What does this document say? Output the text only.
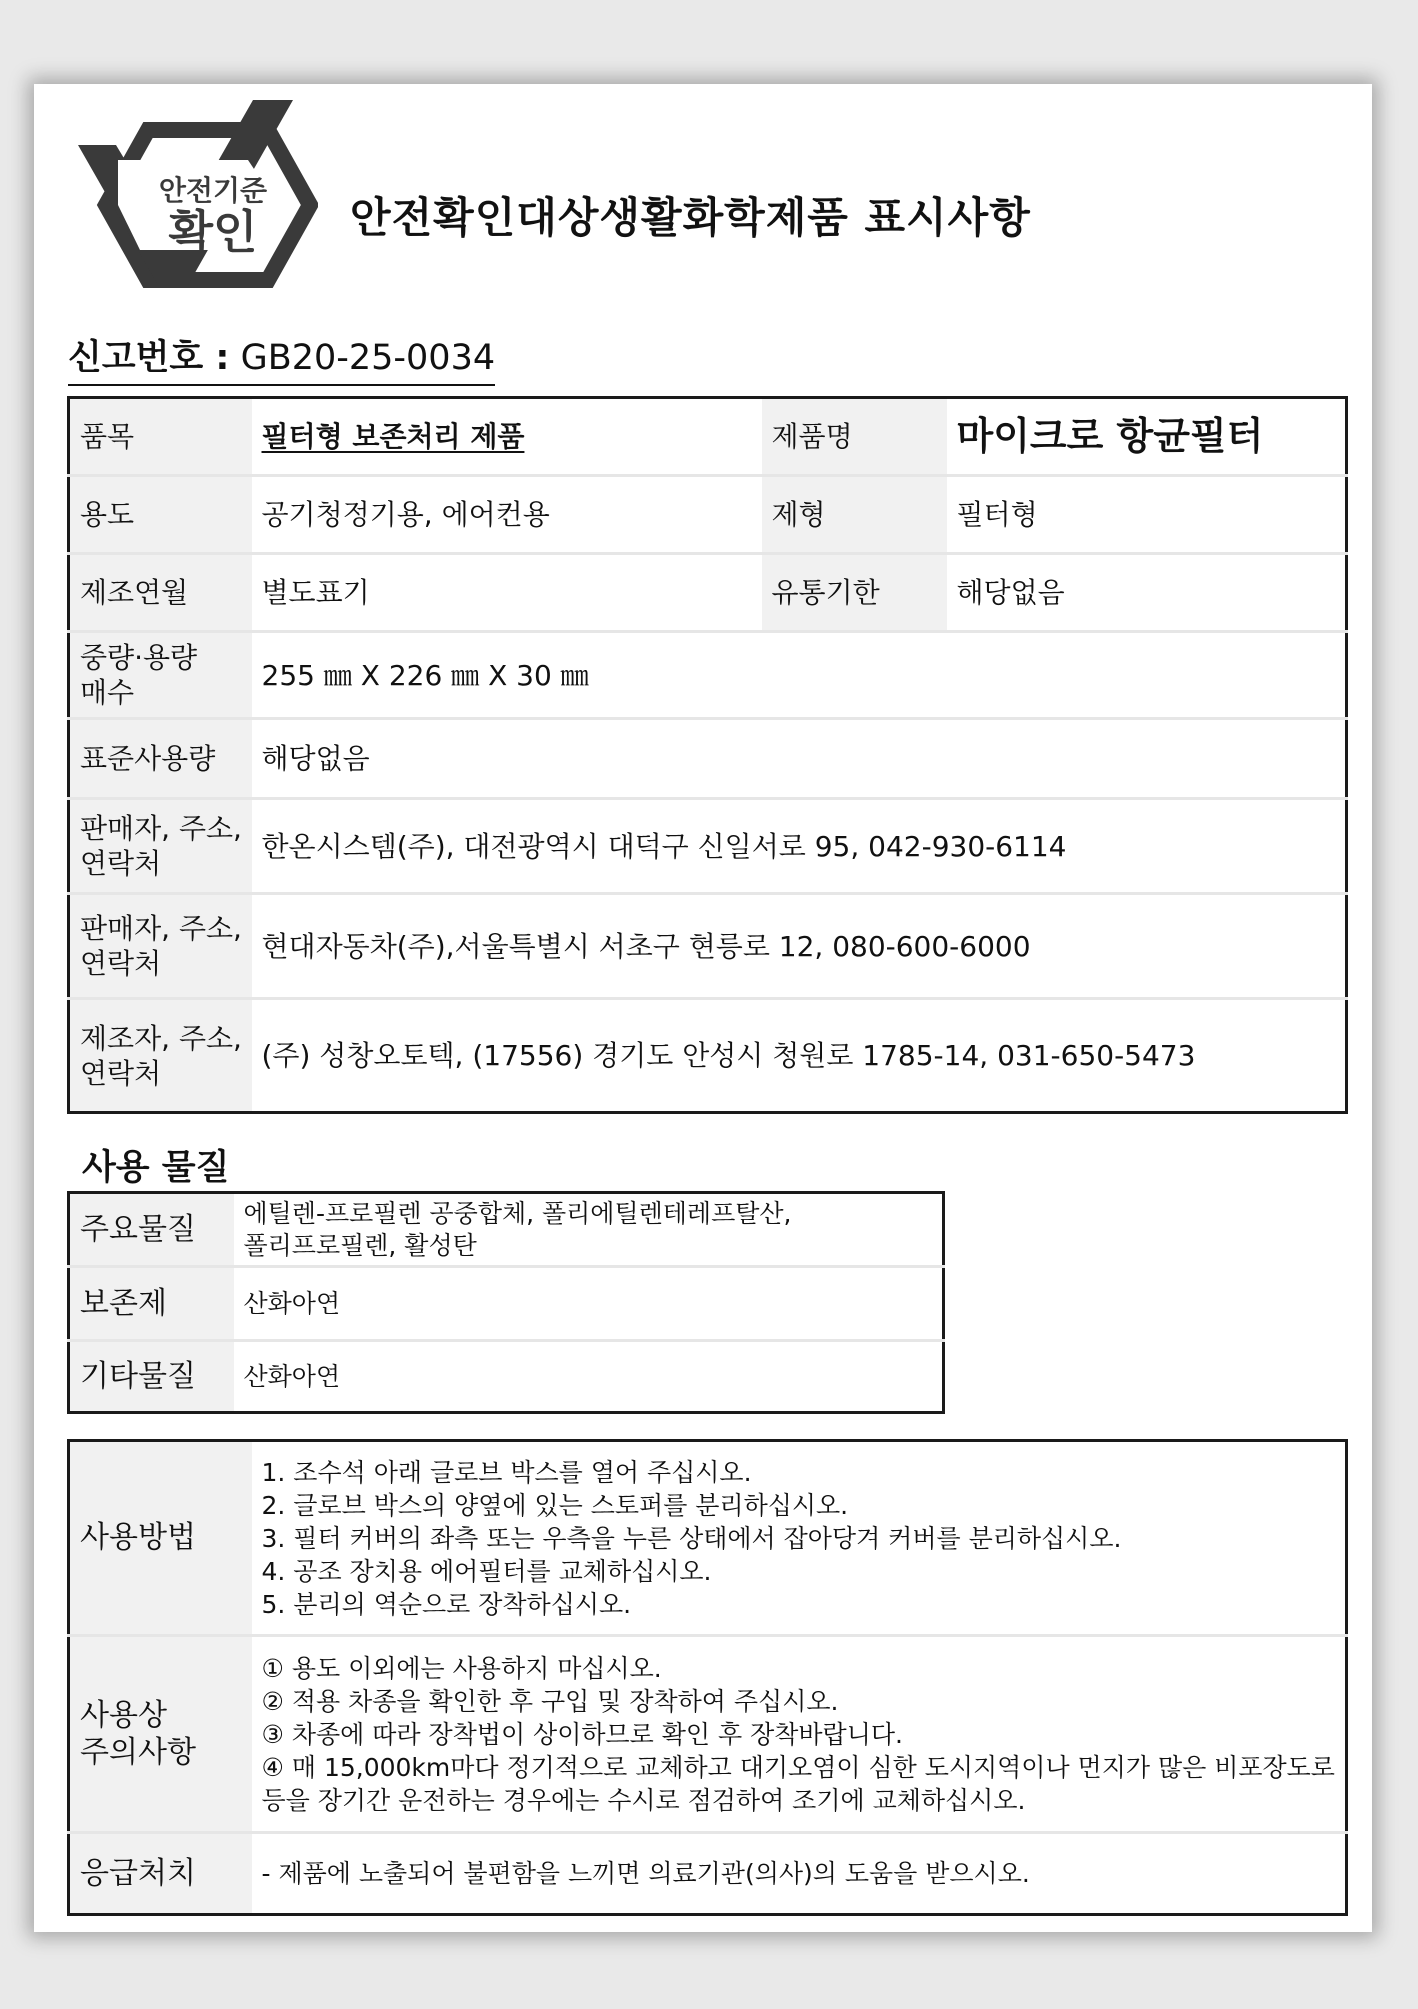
안전기준
확인 안전확인대상생활화학제품 표시사항
신고번호 : GB20-25-0034
품목	필터형 보존처리 제품	제품명	마이크로 항균필터
용도	공기청정기용, 에어컨용	제형	필터형
제조연월	별도표기	유통기한	해당없음

중량·용량
매수	255 ㎜ X 226 ㎜ X 30 ㎜		
표준사용량	해당없음		

판매자, 주소,
연락처	한온시스템(주), 대전광역시 대덕구 신일서로 95, 042-930-6114		

판매자, 주소,
연락처	현대자동차(주),서울특별시 서초구 현릉로 12, 080-600-6000		

제조자, 주소,
연락처	(주) 성창오토텍, (17556) 경기도 안성시 청원로 1785-14, 031-650-5473		
사용 물질
주요물질	에틸렌-프로필렌 공중합체, 폴리에틸렌테레프탈산,
폴리프로필렌, 활성탄

보존제	산화아연
기타물질	산화아연
사용방법	1. 조수석 아래 글로브 박스를 열어 주십시오.
2. 글로브 박스의 양옆에 있는 스토퍼를 분리하십시오.
3. 필터 커버의 좌측 또는 우측을 누른 상태에서 잡아당겨 커버를 분리하십시오.
4. 공조 장치용 에어필터를 교체하십시오.
5. 분리의 역순으로 장착하십시오.

사용상
주의사항	① 용도 이외에는 사용하지 마십시오.
② 적용 차종을 확인한 후 구입 및 장착하여 주십시오.
③ 차종에 따라 장착법이 상이하므로 확인 후 장착바랍니다.
④ 매 15,000km마다 정기적으로 교체하고 대기오염이 심한 도시지역이나 먼지가 많은 비포장도로
등을 장기간 운전하는 경우에는 수시로 점검하여 조기에 교체하십시오.

응급처치	- 제품에 노출되어 불편함을 느끼면 의료기관(의사)의 도움을 받으시오.
